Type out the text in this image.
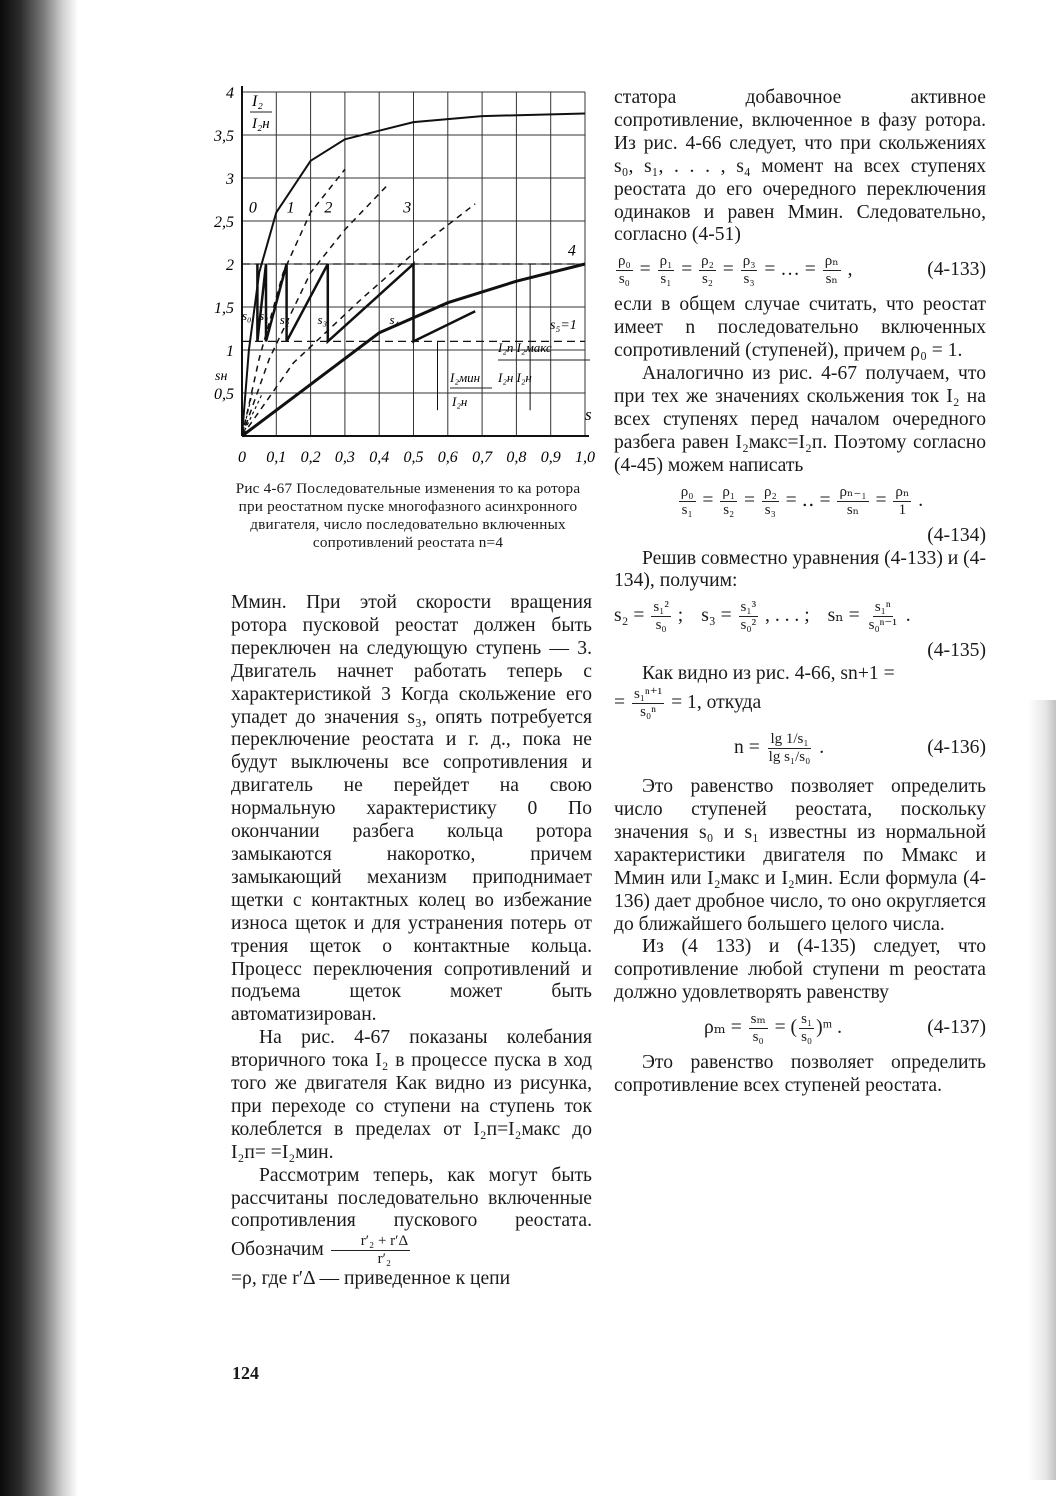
4
3,5
3
2,5
2
1,5
1
0,5
0 0,1 0,2 0,3 0,4 0,5 0,6 0,7 0,8 0,9 1,0
I₂
I₂н
s
0 1 2	3
4
s₀ s₁ s₂ s₃	s₄	s₅=1
sн
I₂п I₂макс
I₂н I₂н
I₂мин
I₂н
Рис 4-67 Последовательные изменения то ка ротора при реостатном пуске многофазного асинхронного двигателя, число последовательно включенных сопротивлений реостата n=4

Mмин. При этой скорости вращения ротора пусковой реостат должен быть переключен на следующую ступень — 3. Двигатель начнет работать теперь с характеристикой 3 Когда скольжение его упадет до значения s₃, опять потребуется переключение реостата и г. д., пока не будут выключены все сопротивления и двигатель не перейдет на свою нормальную характеристику 0 По окончании разбега кольца ротора замыкаются накоротко, причем замыкающий механизм приподнимает щетки с контактных колец во избежание износа щеток и для устранения потерь от трения щеток о контактные кольца. Процесс переключения сопротивлений и подъема щеток может быть автоматизирован.

На рис. 4-67 показаны колебания вторичного тока I₂ в процессе пуска в ход того же двигателя Как видно из рисунка, при переходе со ступени на ступень ток колеблется в пределах от I₂п=I₂макс до I₂п= =I₂мин.

Рассмотрим теперь, как могут быть рассчитаны последовательно включенные сопротивления пускового реостата. Обозначим $\frac{\text{r′₂ + r′Δ}}{\text{r′₂}}$

=ρ, где r′Δ — приведенное к цепи

статора добавочное активное сопротивление, включенное в фазу ротора. Из рис. 4-66 следует, что при скольжениях s₀, s₁, . . . , s₄ момент на всех ступенях реостата до его очередного переключения одинаков и равен Mмин. Следовательно, согласно (4-51)

$\frac{\text{ρ₀}}{\text{s₀}} = \frac{\text{ρ₁}}{\text{s₁}} = \frac{\text{ρ₂}}{\text{s₂}} = \frac{\text{ρ₃}}{\text{s₃}}$ = … = $\frac{\text{ρₙ}}{\text{sₙ}}$ ,	(4-133)

если в общем случае считать, что реостат имеет n последовательно включенных сопротивлений (ступеней), причем ρ₀ = 1.

Аналогично из рис. 4-67 получаем, что при тех же значениях скольжения ток I₂ на всех ступенях перед началом очередного разбега равен I₂макс=I₂п. Поэтому согласно (4-45) можем написать

$\frac{\text{ρ₀}}{\text{s₁}} = \frac{\text{ρ₁}}{\text{s₂}} = \frac{\text{ρ₂}}{\text{s₃}}$ = ‥ = $\frac{\text{ρₙ₋₁}}{\text{sₙ}} = \frac{\text{ρₙ}}{1}$ .
(4-134)

Решив совместно уравнения (4-133) и (4-134), получим:

$s_2 = \frac{\text{s₁²}}{\text{s₀}}$ ; $s_3 = \frac{\text{s₁³}}{\text{s₀²}}$ , . . . ; $s_n = \frac{\text{s₁ⁿ}}{\text{s₀ⁿ⁻¹}}$ .
(4-135)

Как видно из рис. 4-66, sn+1 =

= $\frac{\text{s₁ⁿ⁺¹}}{\text{s₀ⁿ}} = 1$, откуда

$n = \frac{\text{lg 1/s₁}}{\text{lg s₁/s₀}}$ .	(4-136)

Это равенство позволяет определить число ступеней реостата, поскольку значения s₀ и s₁ известны из нормальной характеристики двигателя по Mмакс и Mмин или I₂макс и I₂мин. Если формула (4-136) дает дробное число, то оно округляется до ближайшего большего целого числа.

Из (4 133) и (4-135) следует, что сопротивление любой ступени m реостата должно удовлетворять равенству

$\rho_m = \frac{\text{sₘ}}{\text{s₀}}$ = ( $\frac{\text{s₁}}{\text{s₀}}$ )ᵐ .	(4-137)

Это равенство позволяет определить сопротивление всех ступеней реостата.

124
